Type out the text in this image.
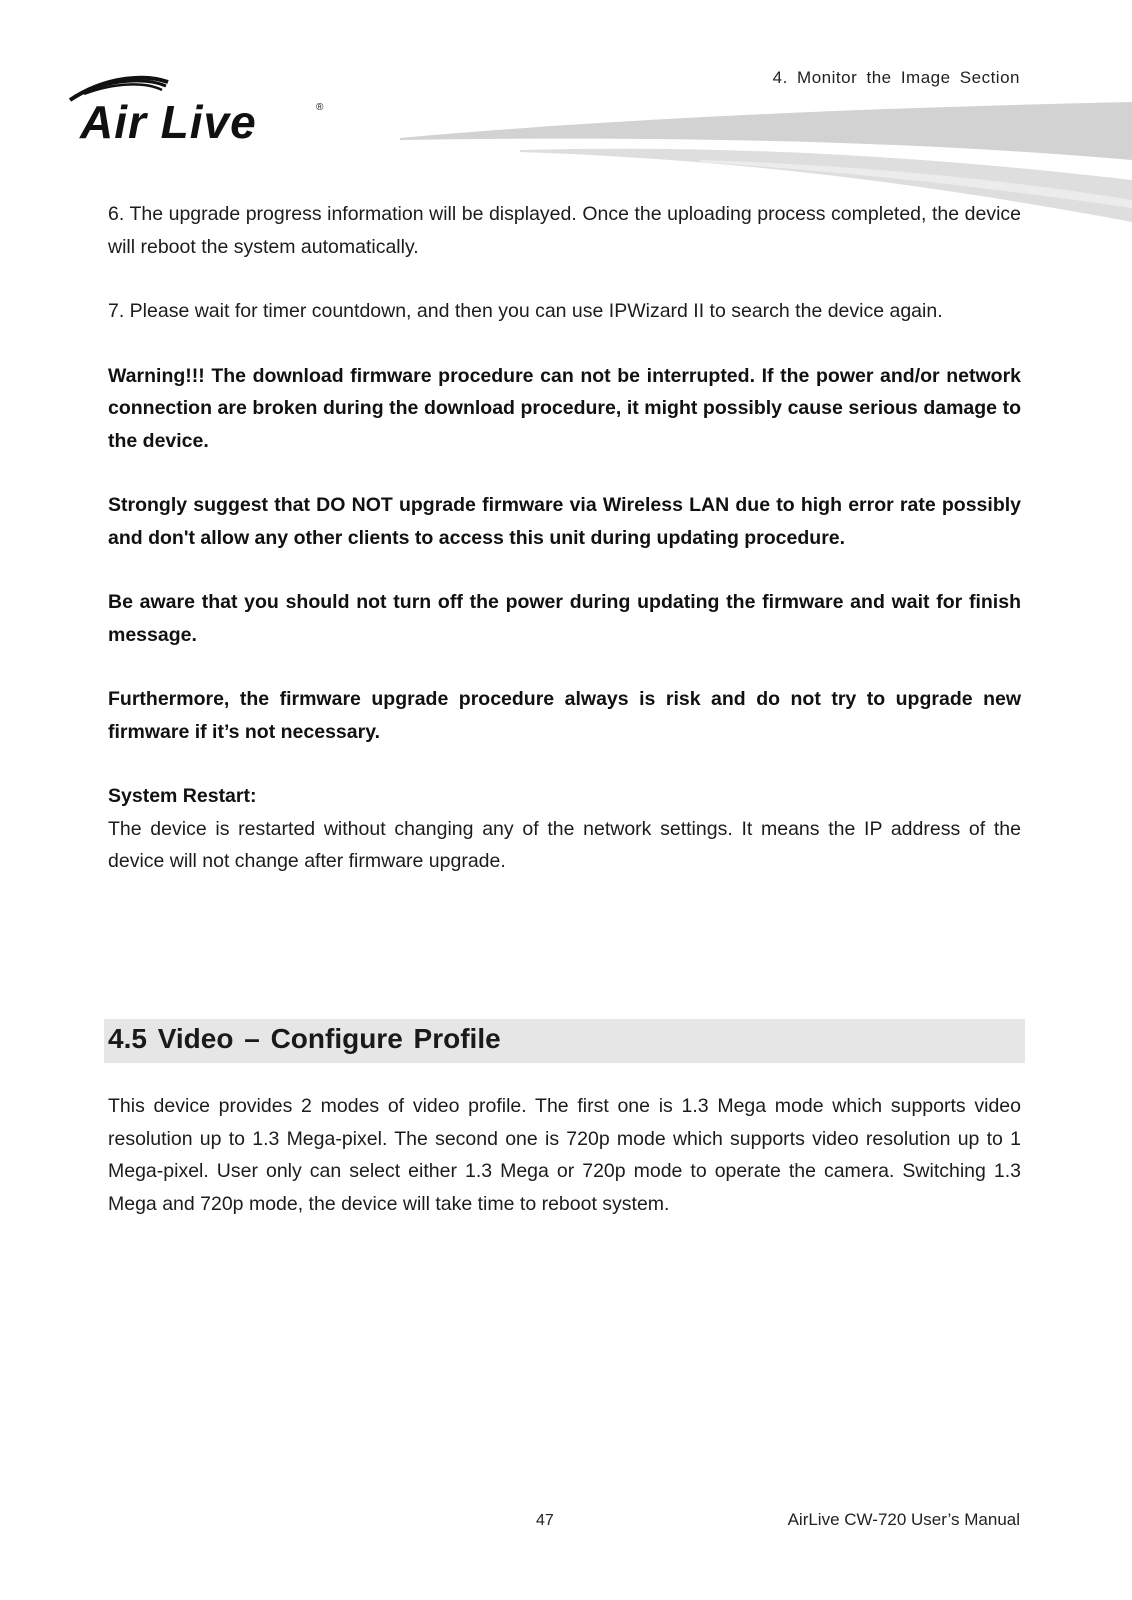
Air Live	®
4. Monitor the Image Section

6. The upgrade progress information will be displayed. Once the uploading process completed, the device will reboot the system automatically.

7. Please wait for timer countdown, and then you can use IPWizard II to search the device again.

Warning!!! The download firmware procedure can not be interrupted. If the power and/or network connection are broken during the download procedure, it might possibly cause serious damage to the device.

Strongly suggest that DO NOT upgrade firmware via Wireless LAN due to high error rate possibly and don't allow any other clients to access this unit during updating procedure.

Be aware that you should not turn off the power during updating the firmware and wait for finish message.

Furthermore, the firmware upgrade procedure always is risk and do not try to upgrade new firmware if it’s not necessary.

System Restart:

The device is restarted without changing any of the network settings. It means the IP address of the device will not change after firmware upgrade.

4.5 Video – Configure Profile

This device provides 2 modes of video profile. The first one is 1.3 Mega mode which supports video resolution up to 1.3 Mega-pixel. The second one is 720p mode which supports video resolution up to 1 Mega-pixel. User only can select either 1.3 Mega or 720p mode to operate the camera. Switching 1.3 Mega and 720p mode, the device will take time to reboot system.

47	AirLive CW-720 User’s Manual
